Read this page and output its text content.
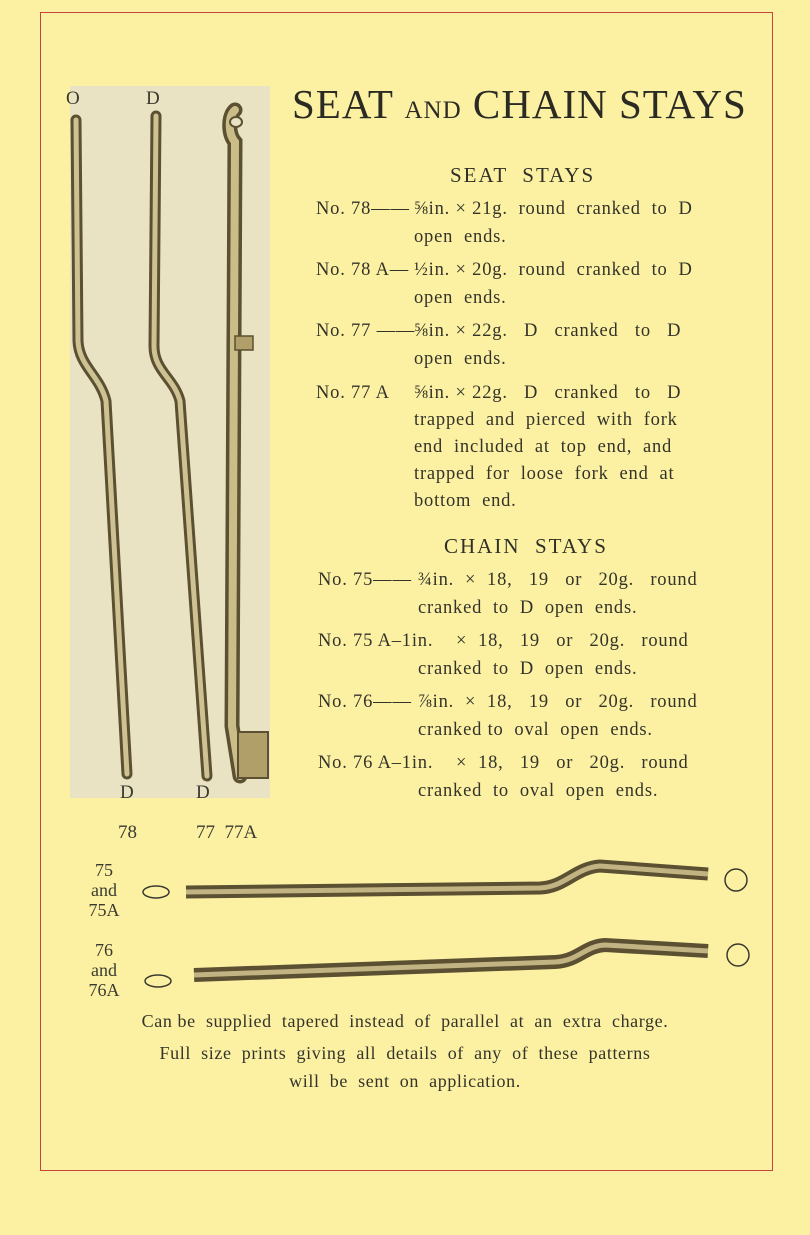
O	D
D	D
78	77  77A
SEAT AND CHAIN STAYS
SEAT  STAYS
No. 78—— ⅝in. × 21g.  round  cranked  to  D
open  ends.
No. 78 A— ½in. × 20g.  round  cranked  to  D
open  ends.
No. 77 ——
⅝in. × 22g.   D   cranked   to   D
open  ends.
No. 77 A ⅝in. × 22g.   D   cranked   to   D
trapped  and  pierced  with  fork
end  included  at  top  end,  and
trapped  for  loose  fork  end  at
bottom  end.
CHAIN  STAYS
No. 75—— ¾in.  ×  18,   19   or   20g.   round
cranked  to  D  open  ends.
No. 75 A–1in. ×  18,   19   or   20g.   round
cranked  to  D  open  ends.
No. 76—— ⅞in.  ×  18,   19   or   20g.   round
cranked to  oval  open  ends.
No. 76 A–1in. ×  18,   19   or   20g.   round
cranked  to  oval  open  ends.
75
and
75A
76
and
76A
Can be  supplied  tapered  instead  of  parallel  at  an  extra  charge.
Full  size  prints  giving  all  details  of  any  of  these  patterns
will  be  sent  on  application.
